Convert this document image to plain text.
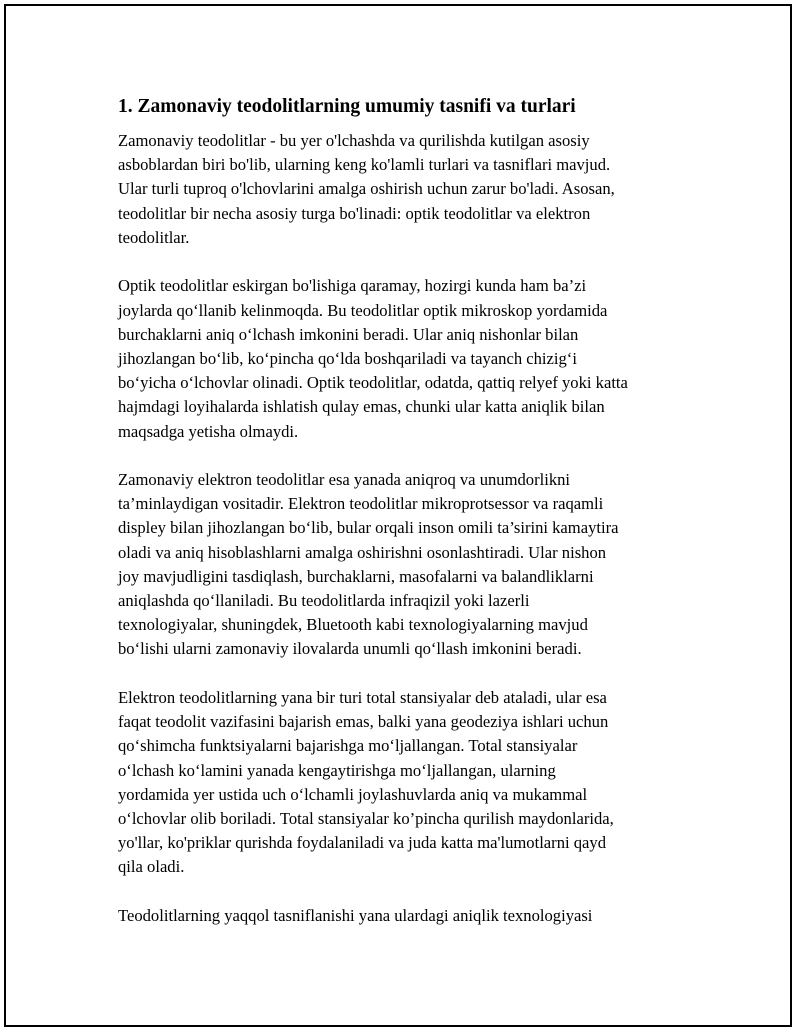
1. Zamonaviy teodolitlarning umumiy tasnifi va turlari

Zamonaviy teodolitlar - bu yer o'lchashda va qurilishda kutilgan asosiy
asboblardan biri bo'lib, ularning keng ko'lamli turlari va tasniflari mavjud.
Ular turli tuproq o'lchovlarini amalga oshirish uchun zarur bo'ladi. Asosan,
teodolitlar bir necha asosiy turga bo'linadi: optik teodolitlar va elektron
teodolitlar.

Optik teodolitlar eskirgan bo'lishiga qaramay, hozirgi kunda ham ba’zi
joylarda qo‘llanib kelinmoqda. Bu teodolitlar optik mikroskop yordamida
burchaklarni aniq o‘lchash imkonini beradi. Ular aniq nishonlar bilan
jihozlangan bo‘lib, ko‘pincha qo‘lda boshqariladi va tayanch chizig‘i
bo‘yicha o‘lchovlar olinadi. Optik teodolitlar, odatda, qattiq relyef yoki katta
hajmdagi loyihalarda ishlatish qulay emas, chunki ular katta aniqlik bilan
maqsadga yetisha olmaydi.

Zamonaviy elektron teodolitlar esa yanada aniqroq va unumdorlikni
ta’minlaydigan vositadir. Elektron teodolitlar mikroprotsessor va raqamli
displey bilan jihozlangan bo‘lib, bular orqali inson omili ta’sirini kamaytira
oladi va aniq hisoblashlarni amalga oshirishni osonlashtiradi. Ular nishon
joy mavjudligini tasdiqlash, burchaklarni, masofalarni va balandliklarni
aniqlashda qo‘llaniladi. Bu teodolitlarda infraqizil yoki lazerli
texnologiyalar, shuningdek, Bluetooth kabi texnologiyalarning mavjud
bo‘lishi ularni zamonaviy ilovalarda unumli qo‘llash imkonini beradi.

Elektron teodolitlarning yana bir turi total stansiyalar deb ataladi, ular esa
faqat teodolit vazifasini bajarish emas, balki yana geodeziya ishlari uchun
qo‘shimcha funktsiyalarni bajarishga mo‘ljallangan. Total stansiyalar
o‘lchash ko‘lamini yanada kengaytirishga mo‘ljallangan, ularning
yordamida yer ustida uch o‘lchamli joylashuvlarda aniq va mukammal
o‘lchovlar olib boriladi. Total stansiyalar ko’pincha qurilish maydonlarida,
yo'llar, ko'priklar qurishda foydalaniladi va juda katta ma'lumotlarni qayd
qila oladi.

Teodolitlarning yaqqol tasniflanishi yana ulardagi aniqlik texnologiyasi
